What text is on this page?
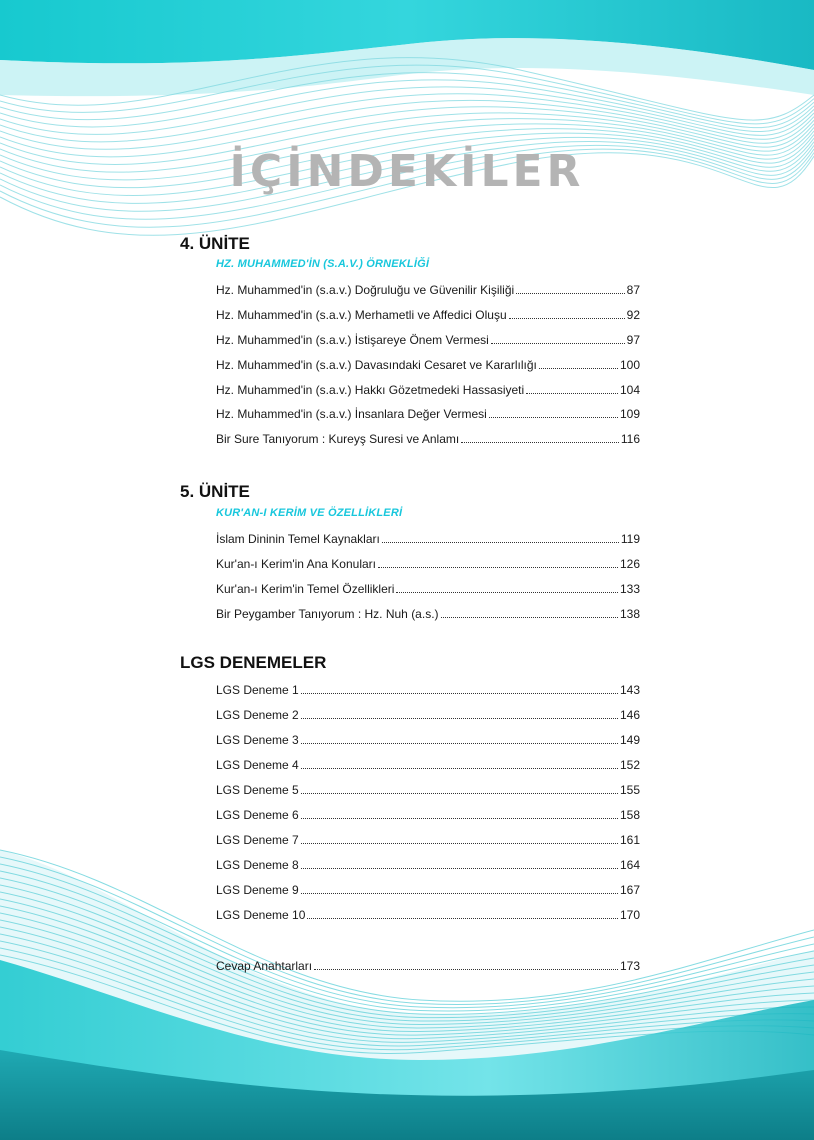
İÇİNDEKİLER
4. ÜNİTE
HZ. MUHAMMED'İN (S.A.V.) ÖRNEKLİĞİ
Hz. Muhammed'in (s.a.v.) Doğruluğu ve Güvenilir Kişiliği	87
Hz. Muhammed'in (s.a.v.) Merhametli ve Affedici Oluşu	92
Hz. Muhammed'in (s.a.v.) İstişareye Önem Vermesi	97
Hz. Muhammed'in (s.a.v.) Davasındaki Cesaret ve Kararlılığı	100
Hz. Muhammed'in (s.a.v.) Hakkı Gözetmedeki Hassasiyeti	104
Hz. Muhammed'in (s.a.v.) İnsanlara Değer Vermesi	109
Bir Sure Tanıyorum : Kureyş Suresi ve Anlamı	116
5. ÜNİTE
KUR'AN-I KERİM VE ÖZELLİKLERİ
İslam Dininin Temel Kaynakları	119
Kur'an-ı Kerim'in Ana Konuları	126
Kur'an-ı Kerim'in Temel Özellikleri	133
Bir Peygamber Tanıyorum : Hz. Nuh (a.s.)	138
LGS DENEMELER
LGS Deneme 1	143
LGS Deneme 2	146
LGS Deneme 3	149
LGS Deneme 4	152
LGS Deneme 5	155
LGS Deneme 6	158
LGS Deneme 7	161
LGS Deneme 8	164
LGS Deneme 9	167
LGS Deneme 10	170
Cevap Anahtarları	173
